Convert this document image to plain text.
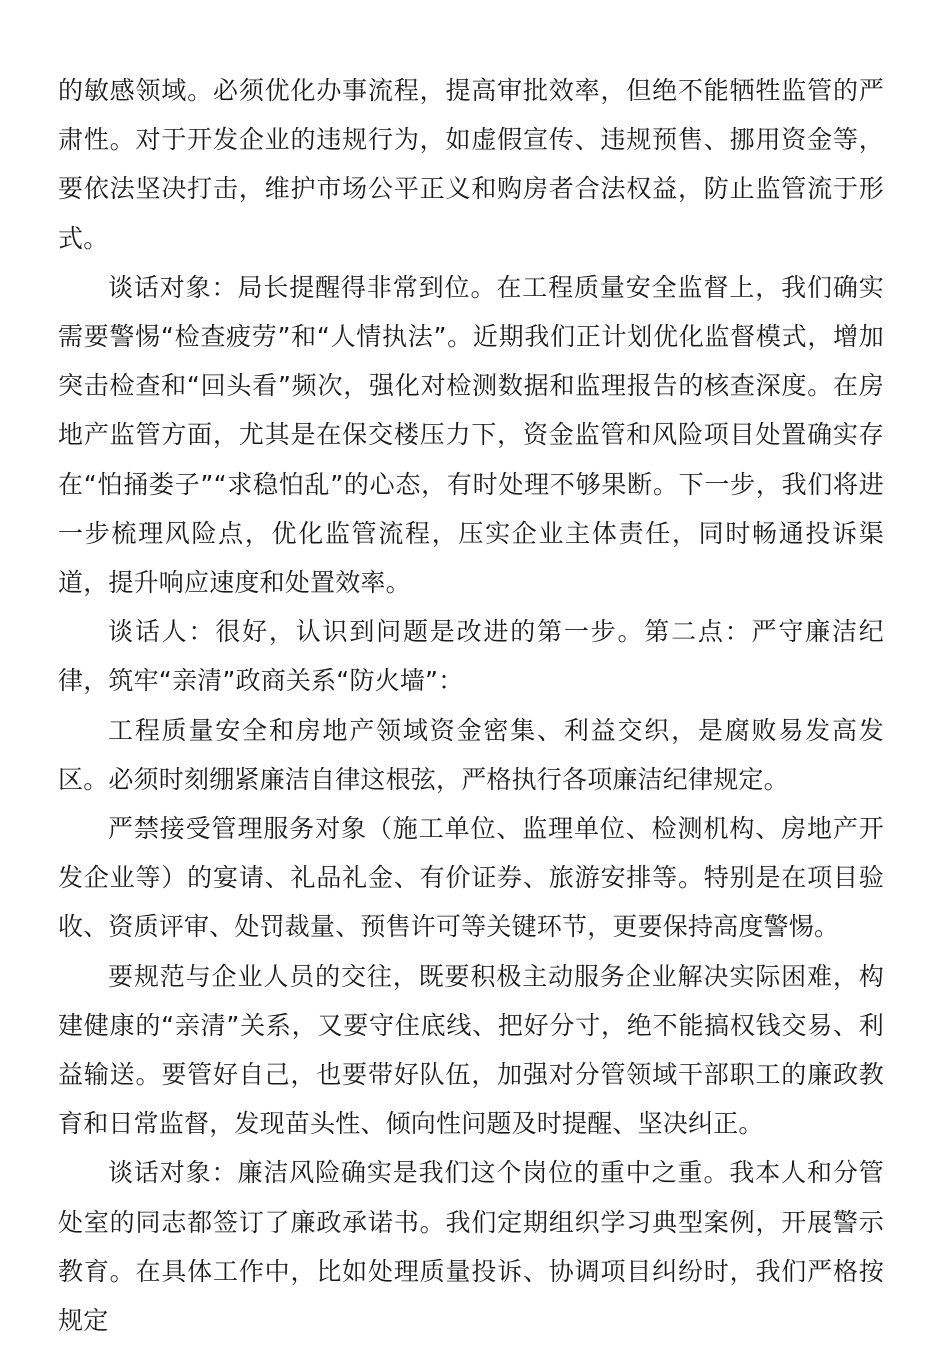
的敏感领域。必须优化办事流程，提高审批效率，但绝不能牺牲监管的严肃性。对于开发企业的违规行为，如虚假宣传、违规预售、挪用资金等，要依法坚决打击，维护市场公平正义和购房者合法权益，防止监管流于形式。

谈话对象：局长提醒得非常到位。在工程质量安全监督上，我们确实需要警惕“检查疲劳”和“人情执法”。近期我们正计划优化监督模式，增加突击检查和“回头看”频次，强化对检测数据和监理报告的核查深度。在房地产监管方面，尤其是在保交楼压力下，资金监管和风险项目处置确实存在“怕捅娄子”“求稳怕乱”的心态，有时处理不够果断。下一步，我们将进一步梳理风险点，优化监管流程，压实企业主体责任，同时畅通投诉渠道，提升响应速度和处置效率。

谈话人：很好，认识到问题是改进的第一步。第二点：严守廉洁纪律，筑牢“亲清”政商关系“防火墙”：

工程质量安全和房地产领域资金密集、利益交织，是腐败易发高发区。必须时刻绷紧廉洁自律这根弦，严格执行各项廉洁纪律规定。

严禁接受管理服务对象（施工单位、监理单位、检测机构、房地产开发企业等）的宴请、礼品礼金、有价证券、旅游安排等。特别是在项目验收、资质评审、处罚裁量、预售许可等关键环节，更要保持高度警惕。

要规范与企业人员的交往，既要积极主动服务企业解决实际困难，构建健康的“亲清”关系，又要守住底线、把好分寸，绝不能搞权钱交易、利益输送。要管好自己，也要带好队伍，加强对分管领域干部职工的廉政教育和日常监督，发现苗头性、倾向性问题及时提醒、坚决纠正。

谈话对象：廉洁风险确实是我们这个岗位的重中之重。我本人和分管处室的同志都签订了廉政承诺书。我们定期组织学习典型案例，开展警示教育。在具体工作中，比如处理质量投诉、协调项目纠纷时，我们严格按规定
